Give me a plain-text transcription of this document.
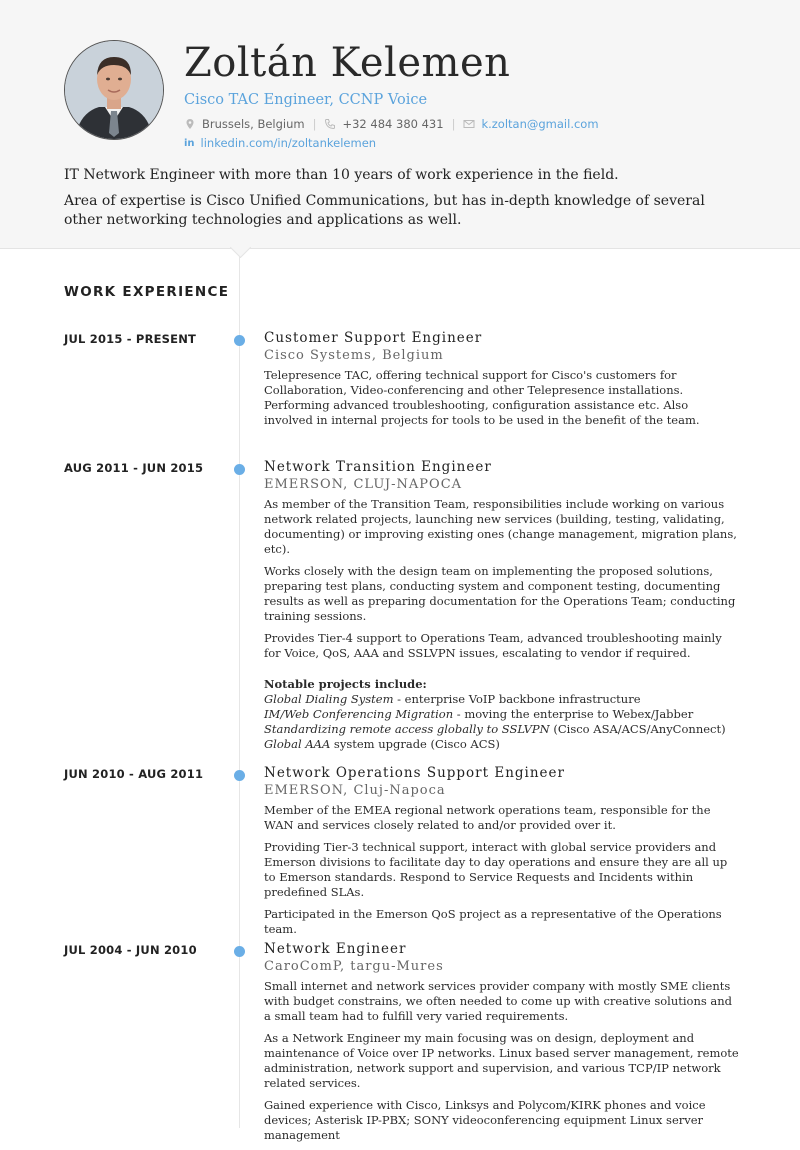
Zoltán Kelemen
Cisco TAC Engineer, CCNP Voice
Brussels, Belgium | +32 484 380 431 | k.zoltan@gmail.com
in linkedin.com/in/zoltankelemen

IT Network Engineer with more than 10 years of work experience in the field.

Area of expertise is Cisco Unified Communications, but has in-depth knowledge of several other networking technologies and applications as well.

WORK EXPERIENCE
JUL 2015 - PRESENT	Customer Support Engineer
Cisco Systems, Belgium

Telepresence TAC, offering technical support for Cisco's customers for Collaboration, Video-conferencing and other Telepresence installations. Performing advanced troubleshooting, configuration assistance etc. Also involved in internal projects for tools to be used in the benefit of the team.

AUG 2011 - JUN 2015	Network Transition Engineer
EMERSON, CLUJ-NAPOCA

As member of the Transition Team, responsibilities include working on various network related projects, launching new services (building, testing, validating, documenting) or improving existing ones (change management, migration plans, etc).

Works closely with the design team on implementing the proposed solutions, preparing test plans, conducting system and component testing, documenting results as well as preparing documentation for the Operations Team; conducting training sessions.

Provides Tier-4 support to Operations Team, advanced troubleshooting mainly for Voice, QoS, AAA and SSLVPN issues, escalating to vendor if required.

Notable projects include:
Global Dialing System - enterprise VoIP backbone infrastructure
IM/Web Conferencing Migration - moving the enterprise to Webex/Jabber
Standardizing remote access globally to SSLVPN (Cisco ASA/ACS/AnyConnect)
Global AAA system upgrade (Cisco ACS)
JUN 2010 - AUG 2011	Network Operations Support Engineer
EMERSON, Cluj-Napoca

Member of the EMEA regional network operations team, responsible for the WAN and services closely related to and/or provided over it.

Providing Tier-3 technical support, interact with global service providers and Emerson divisions to facilitate day to day operations and ensure they are all up to Emerson standards. Respond to Service Requests and Incidents within predefined SLAs.

Participated in the Emerson QoS project as a representative of the Operations team.

JUL 2004 - JUN 2010	Network Engineer
CaroComP, targu-Mures

Small internet and network services provider company with mostly SME clients with budget constrains, we often needed to come up with creative solutions and a small team had to fulfill very varied requirements.

As a Network Engineer my main focusing was on design, deployment and maintenance of Voice over IP networks. Linux based server management, remote administration, network support and supervision, and various TCP/IP network related services.

Gained experience with Cisco, Linksys and Polycom/KIRK phones and voice devices; Asterisk IP-PBX; SONY videoconferencing equipment Linux server management
